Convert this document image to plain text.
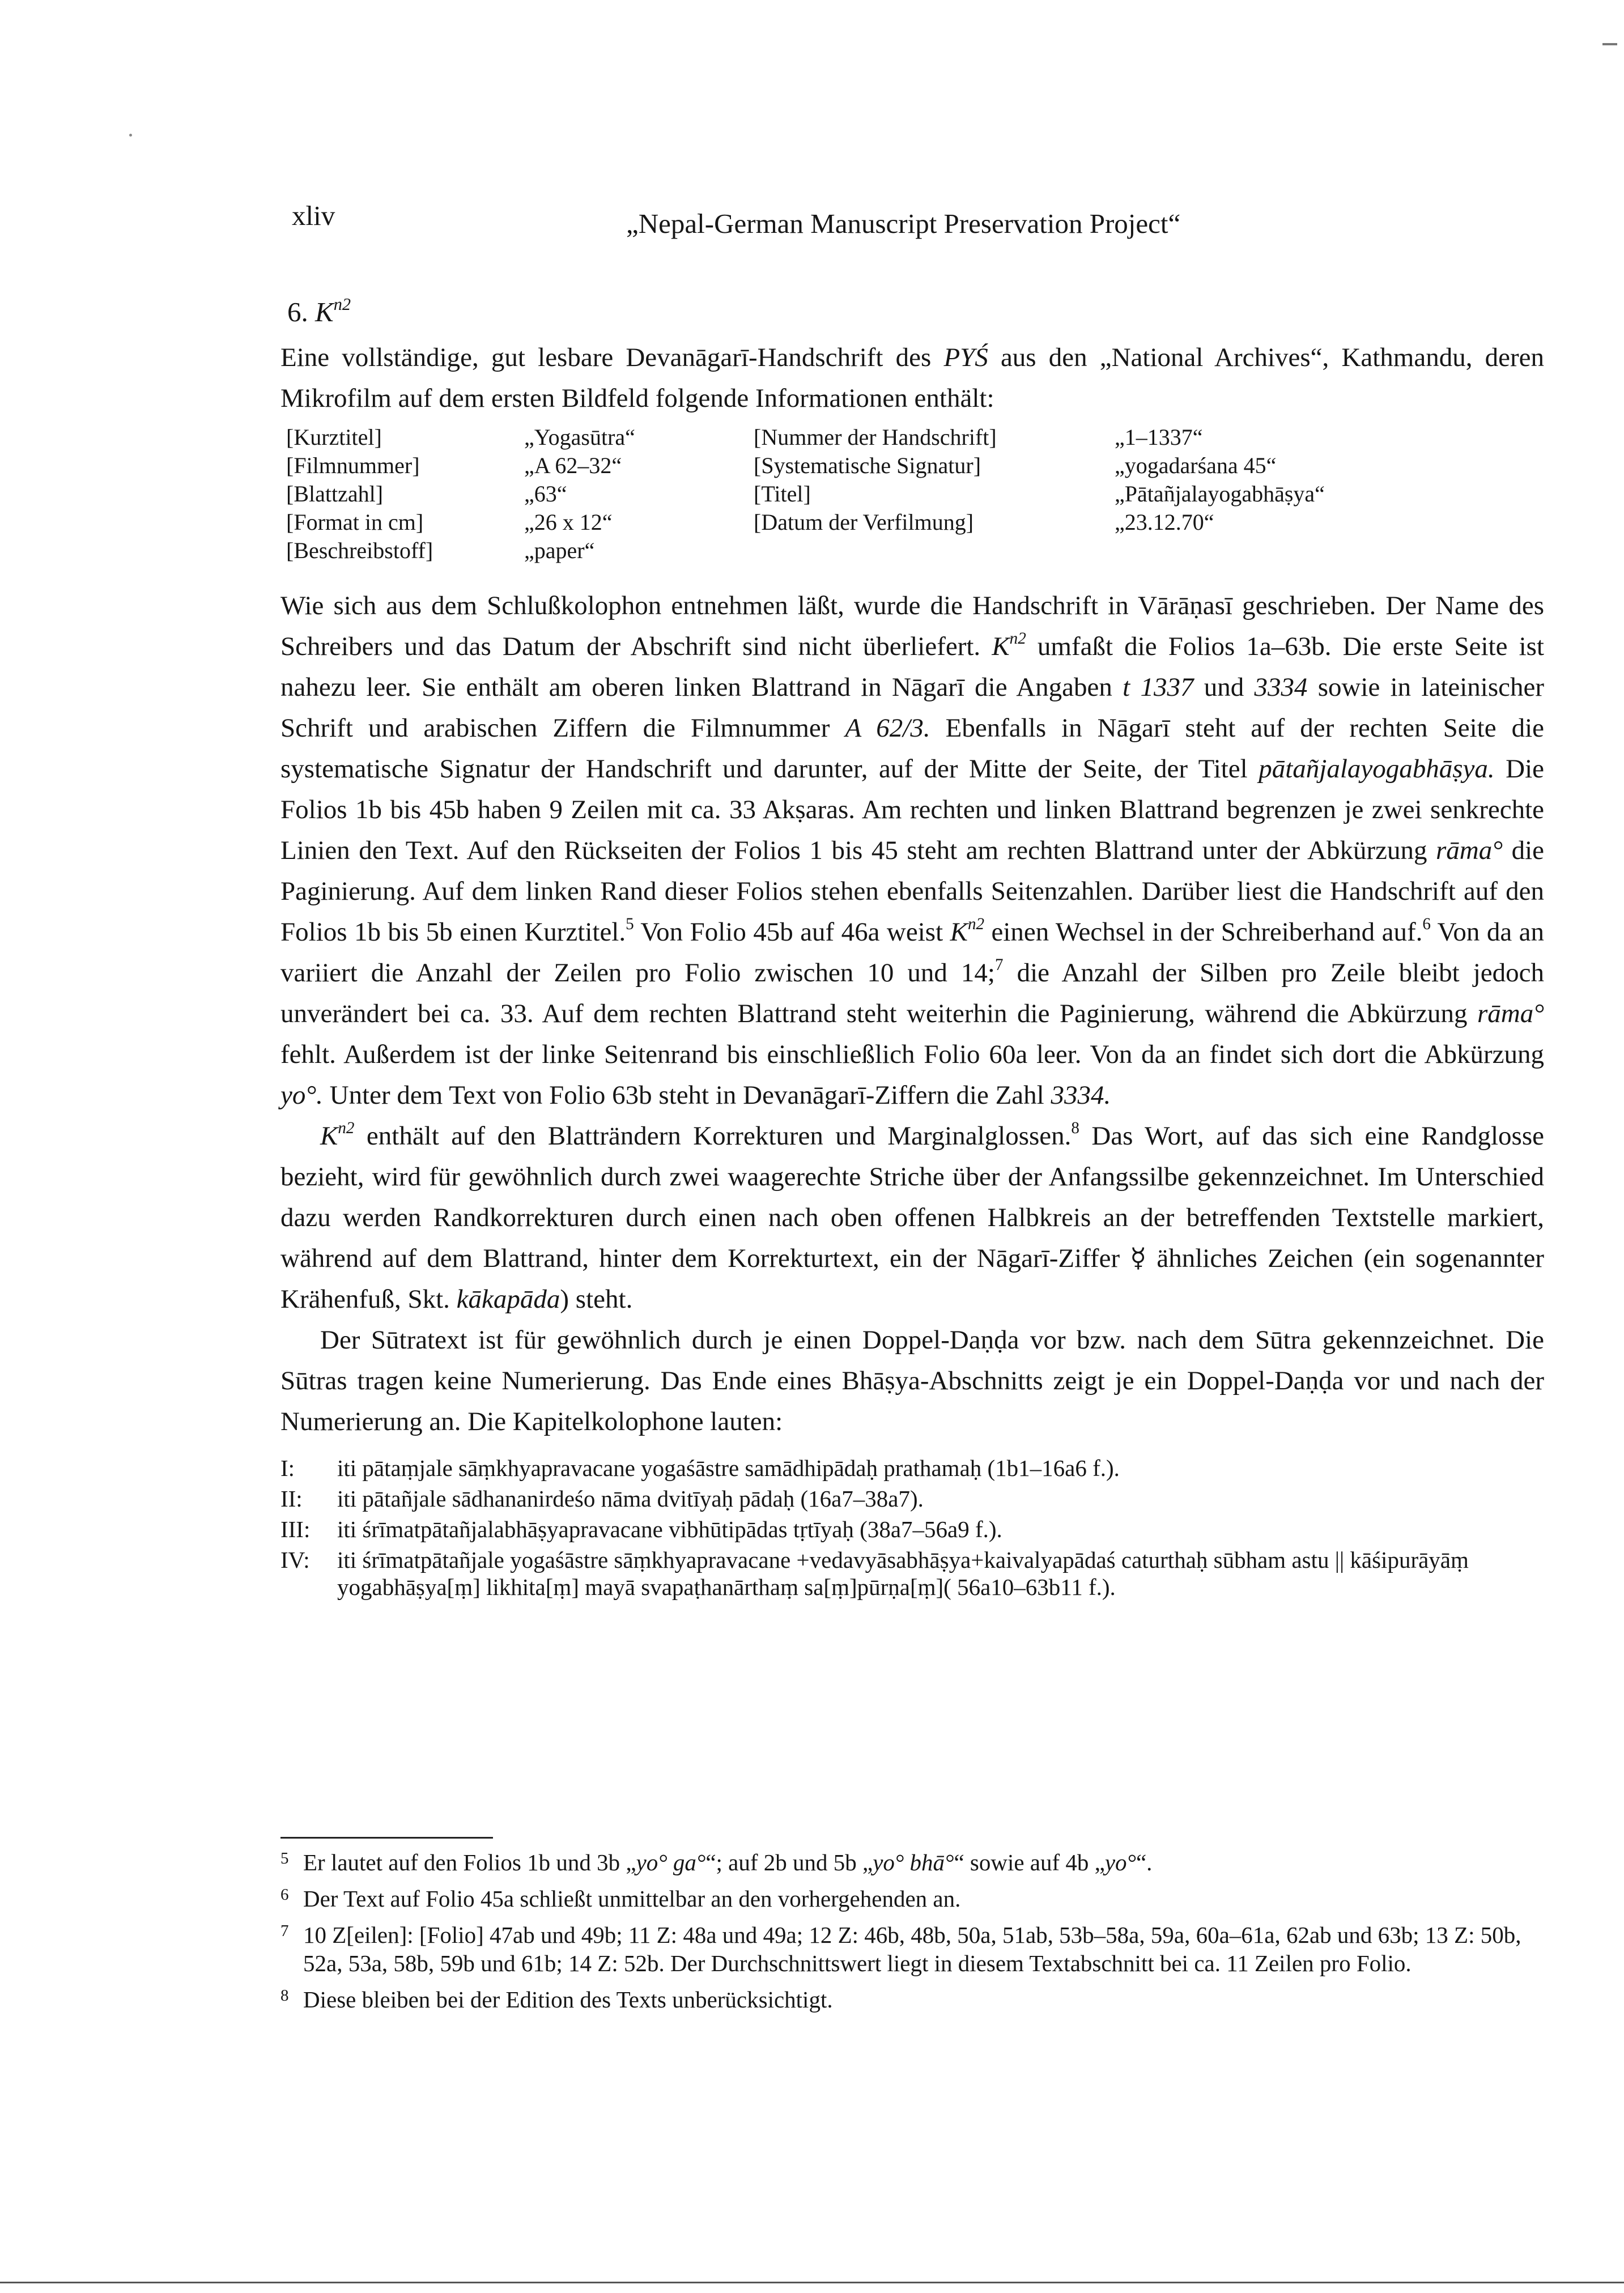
xliv	„Nepal-German Manuscript Preservation Project“
6. $K^{n2}$

Eine vollständige, gut lesbare Devanāgarī-Handschrift des PYŚ aus den „National Archives“, Kathmandu, deren Mikrofilm auf dem ersten Bildfeld folgende Informationen enthält:

[Kurztitel]	„Yogasūtra“	[Nummer der Handschrift]	„1–1337“
[Filmnummer]	„A 62–32“	[Systematische Signatur]	„yogadarśana 45“
[Blattzahl]	„63“	[Titel]	„Pātañjalayogabhāṣya“
[Format in cm]	„26 x 12“	[Datum der Verfilmung]	„23.12.70“
[Beschreibstoff]	„paper“		

Wie sich aus dem Schlußkolophon entnehmen läßt, wurde die Handschrift in Vārāṇasī geschrieben. Der Name des Schreibers und das Datum der Abschrift sind nicht überliefert. $K^{n2}$ umfaßt die Folios 1a–63b. Die erste Seite ist nahezu leer. Sie enthält am oberen linken Blattrand in Nāgarī die Angaben t 1337 und 3334 sowie in lateinischer Schrift und arabischen Ziffern die Filmnummer A 62/3. Ebenfalls in Nāgarī steht auf der rechten Seite die systematische Signatur der Handschrift und darunter, auf der Mitte der Seite, der Titel pātañjalayogabhāṣya. Die Folios 1b bis 45b haben 9 Zeilen mit ca. 33 Akṣaras. Am rechten und linken Blattrand begrenzen je zwei senkrechte Linien den Text. Auf den Rückseiten der Folios 1 bis 45 steht am rechten Blattrand unter der Abkürzung rāma° die Paginierung. Auf dem linken Rand dieser Folios stehen ebenfalls Seitenzahlen. Darüber liest die Handschrift auf den Folios 1b bis 5b einen Kurztitel.$^5$ Von Folio 45b auf 46a weist $K^{n2}$ einen Wechsel in der Schreiberhand auf.$^6$ Von da an variiert die Anzahl der Zeilen pro Folio zwischen 10 und 14;$^7$ die Anzahl der Silben pro Zeile bleibt jedoch unverändert bei ca. 33. Auf dem rechten Blattrand steht weiterhin die Paginierung, während die Abkürzung rāma° fehlt. Außerdem ist der linke Seitenrand bis einschließlich Folio 60a leer. Von da an findet sich dort die Abkürzung yo°. Unter dem Text von Folio 63b steht in Devanāgarī-Ziffern die Zahl 3334.

$K^{n2}$ enthält auf den Blatträndern Korrekturen und Marginalglossen.$^8$ Das Wort, auf das sich eine Randglosse bezieht, wird für gewöhnlich durch zwei waagerechte Striche über der Anfangssilbe gekennzeichnet. Im Unterschied dazu werden Randkorrekturen durch einen nach oben offenen Halbkreis an der betreffenden Textstelle markiert, während auf dem Blattrand, hinter dem Korrekturtext, ein der Nāgarī-Ziffer ☿ ähnliches Zeichen (ein sogenannter Krähenfuß, Skt. kākapāda) steht.

Der Sūtratext ist für gewöhnlich durch je einen Doppel-Daṇḍa vor bzw. nach dem Sūtra gekennzeichnet. Die Sūtras tragen keine Numerierung. Das Ende eines Bhāṣya-Abschnitts zeigt je ein Doppel-Daṇḍa vor und nach der Numerierung an. Die Kapitelkolophone lauten:

I:	iti pātaṃjale sāṃkhyapravacane yogaśāstre samādhipādaḥ prathamaḥ (1b1–16a6 f.).
II:	iti pātañjale sādhananirdeśo nāma dvitīyaḥ pādaḥ (16a7–38a7).
III:	iti śrīmatpātañjalabhāṣyapravacane vibhūtipādas tṛtīyaḥ (38a7–56a9 f.).
IV:	iti śrīmatpātañjale yogaśāstre sāṃkhyapravacane +vedavyāsabhāṣya+kaivalyapādaś caturthaḥ sūbham astu || kāśipurāyāṃ yogabhāṣya[ṃ] likhita[ṃ] mayā svapaṭhanārthaṃ sa[ṃ]pūrṇa[ṃ]( 56a10–63b11 f.).
5 Er lautet auf den Folios 1b und 3b „yo° ga°“; auf 2b und 5b „yo° bhā°“ sowie auf 4b „yo°“.
6 Der Text auf Folio 45a schließt unmittelbar an den vorhergehenden an.
7 10 Z[eilen]: [Folio] 47ab und 49b; 11 Z: 48a und 49a; 12 Z: 46b, 48b, 50a, 51ab, 53b–58a, 59a, 60a–61a, 62ab und 63b; 13 Z: 50b, 52a, 53a, 58b, 59b und 61b; 14 Z: 52b. Der Durchschnittswert liegt in diesem Textabschnitt bei ca. 11 Zeilen pro Folio.
8 Diese bleiben bei der Edition des Texts unberücksichtigt.
